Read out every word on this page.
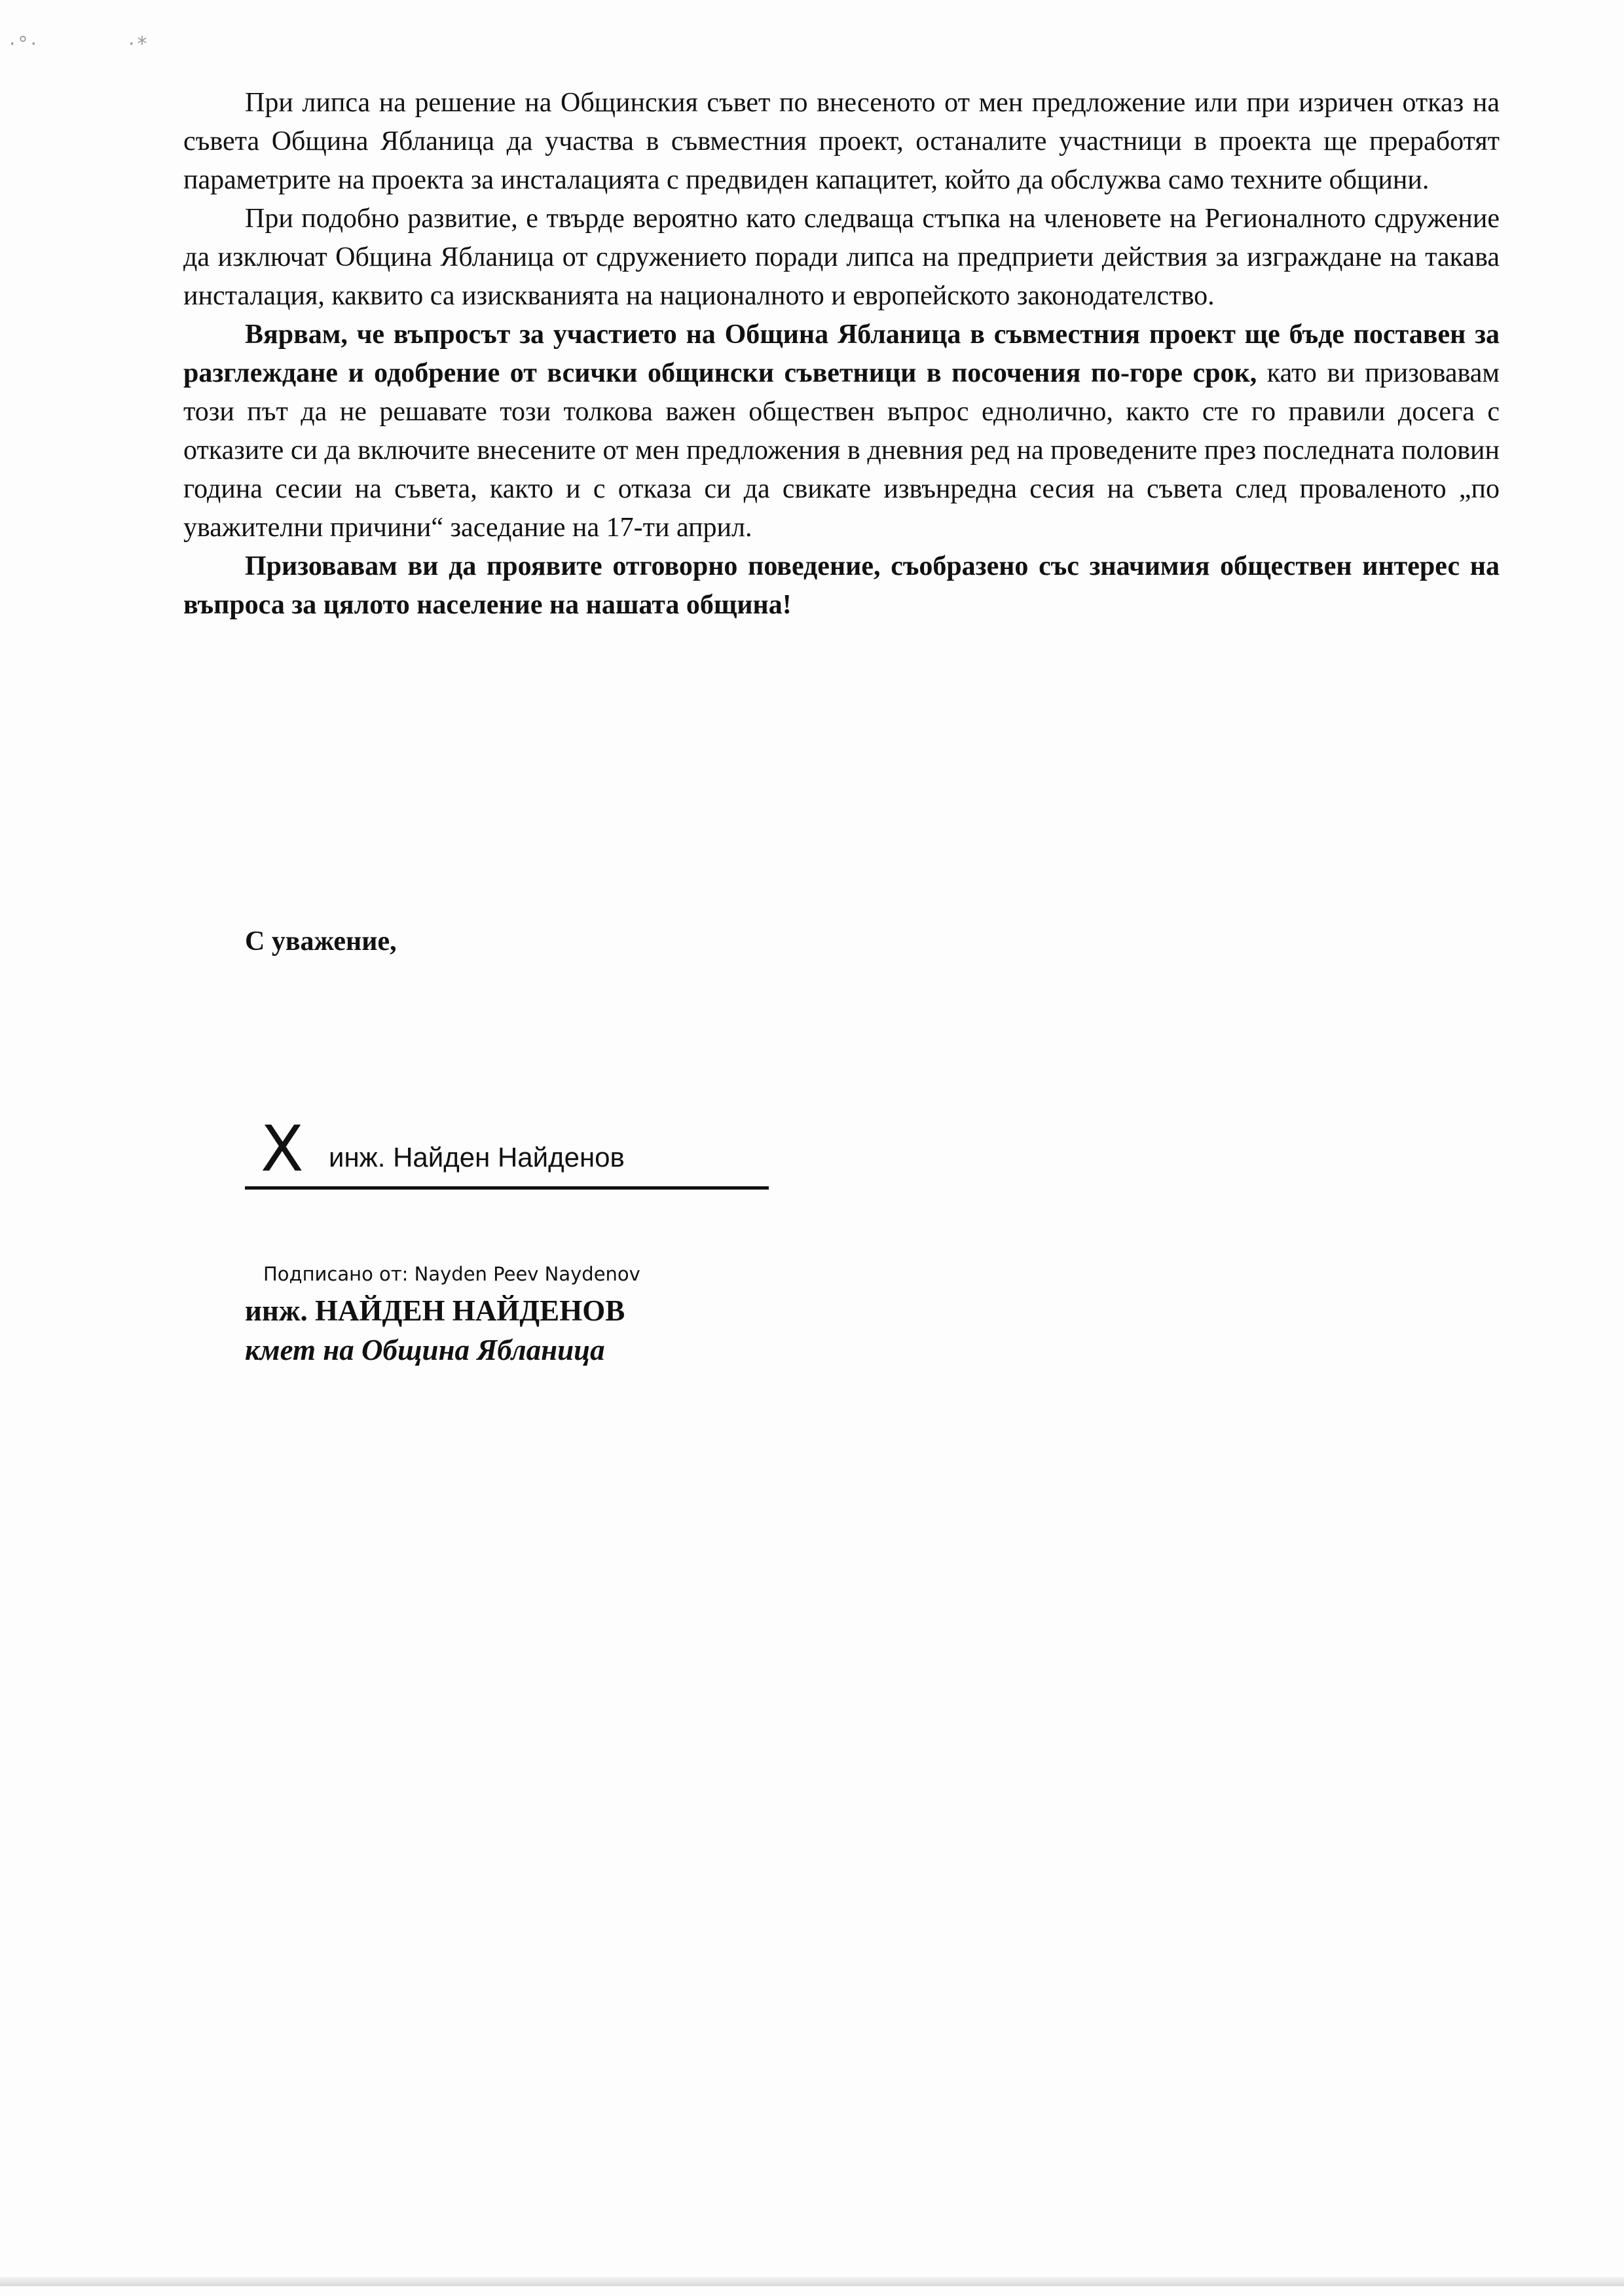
·°·	·*

При липса на решение на Общинския съвет по внесеното от мен предложение или при изричен отказ на съвета Община Ябланица да участва в съвместния проект, останалите участници в проекта ще преработят параметрите на проекта за инсталацията с предвиден капацитет, който да обслужва само техните общини.

При подобно развитие, е твърде вероятно като следваща стъпка на членовете на Регионалното сдружение да изключат Община Ябланица от сдружението поради липса на предприети действия за изграждане на такава инсталация, каквито са изискванията на националното и европейското законодателство.

Вярвам, че въпросът за участието на Община Ябланица в съвместния проект ще бъде поставен за разглеждане и одобрение от всички общински съветници в посочения по-горе срок, като ви призовавам този път да не решавате този толкова важен обществен въпрос еднолично, както сте го правили досега с отказите си да включите внесените от мен предложения в дневния ред на проведените през последната половин година сесии на съвета, както и с отказа си да свикате извънредна сесия на съвета след проваленото „по уважителни причини“ заседание на 17-ти април.

Призовавам ви да проявите отговорно поведение, съобразено със значимия обществен интерес на въпроса за цялото население на нашата община!

С уважение,
X инж. Найден Найденов
Подписано от: Nayden Peev Naydenov
инж. НАЙДЕН НАЙДЕНОВ
кмет на Община Ябланица
